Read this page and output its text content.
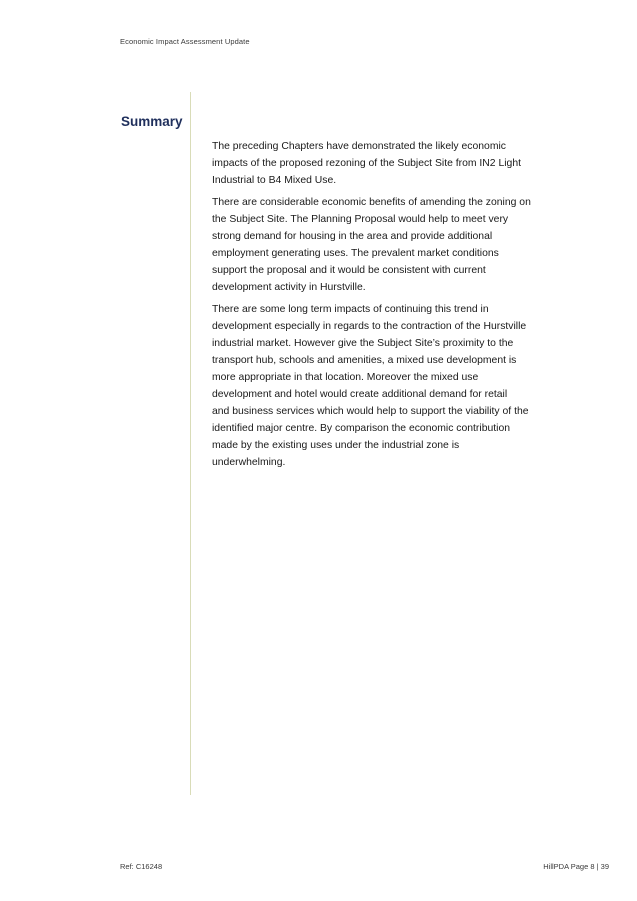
Economic Impact Assessment Update
Summary

The preceding Chapters have demonstrated the likely economic
impacts of the proposed rezoning of the Subject Site from IN2 Light
Industrial to B4 Mixed Use.

There are considerable economic benefits of amending the zoning on
the Subject Site. The Planning Proposal would help to meet very
strong demand for housing in the area and provide additional
employment generating uses. The prevalent market conditions
support the proposal and it would be consistent with current
development activity in Hurstville.

There are some long term impacts of continuing this trend in
development especially in regards to the contraction of the Hurstville
industrial market. However give the Subject Site’s proximity to the
transport hub, schools and amenities, a mixed use development is
more appropriate in that location. Moreover the mixed use
development and hotel would create additional demand for retail
and business services which would help to support the viability of the
identified major centre. By comparison the economic contribution
made by the existing uses under the industrial zone is
underwhelming.

Ref: C16248	HillPDA Page 8 | 39
